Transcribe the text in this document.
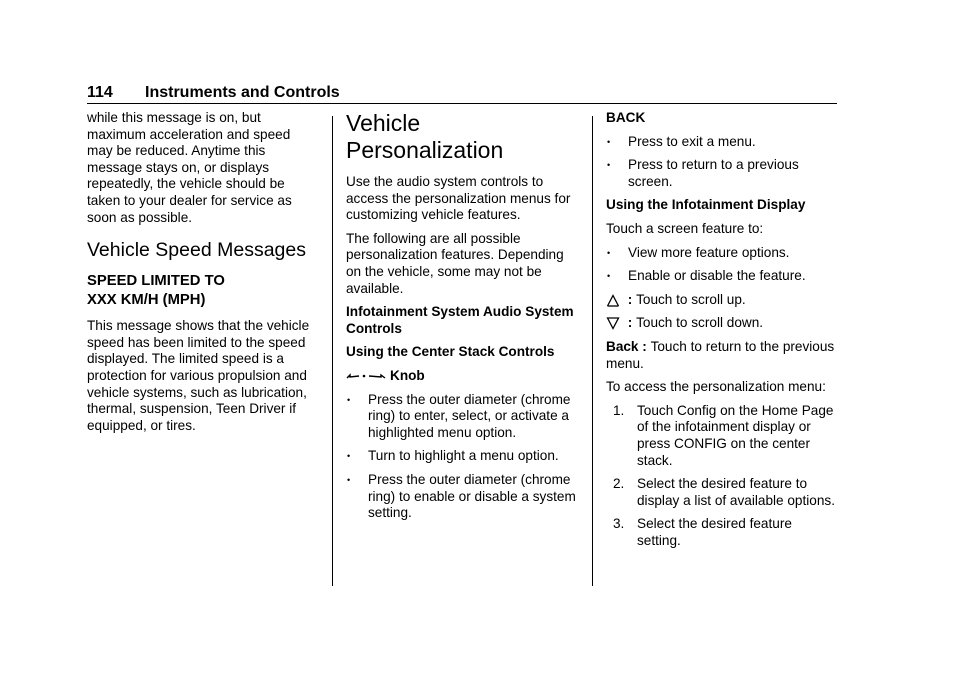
114 Instruments and Controls

while this message is on, but maximum acceleration and speed may be reduced. Anytime this message stays on, or displays repeatedly, the vehicle should be taken to your dealer for service as soon as possible.

Vehicle Speed Messages
SPEED LIMITED TO
XXX KM/H (MPH)

This message shows that the vehicle speed has been limited to the speed displayed. The limited speed is a protection for various propulsion and vehicle systems, such as lubrication, thermal, suspension, Teen Driver if equipped, or tires.

Vehicle
Personalization

Use the audio system controls to access the personalization menus for customizing vehicle features.

The following are all possible personalization features. Depending on the vehicle, some may not be available.

Infotainment System Audio System Controls
Using the Center Stack Controls
Knob
• Press the outer diameter (chrome ring) to enter, select, or activate a highlighted menu option.
• Turn to highlight a menu option.
• Press the outer diameter (chrome ring) to enable or disable a system setting.
BACK
• Press to exit a menu.
• Press to return to a previous screen.
Using the Infotainment Display

Touch a screen feature to:

• View more feature options.
• Enable or disable the feature.
: Touch to scroll up.
: Touch to scroll down.

Back : Touch to return to the previous menu.

To access the personalization menu:

1. Touch Config on the Home Page of the infotainment display or press CONFIG on the center stack.
2. Select the desired feature to display a list of available options.
3. Select the desired feature setting.
